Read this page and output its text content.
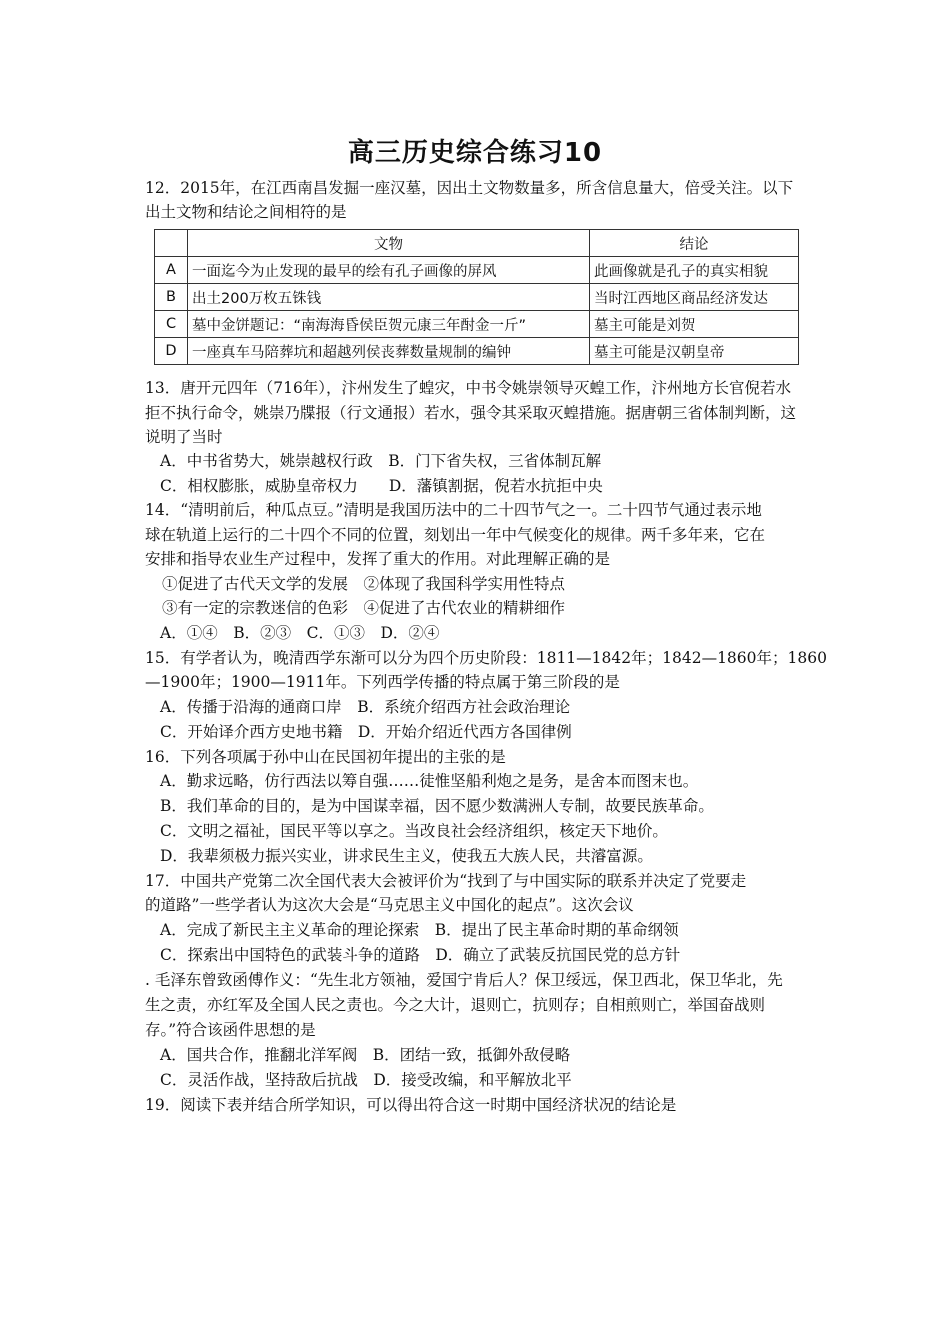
高三历史综合练习10
12．2015年，在江西南昌发掘一座汉墓，因出土文物数量多，所含信息量大，倍受关注。以下
出土文物和结论之间相符的是
	文物	结论
A	一面迄今为止发现的最早的绘有孔子画像的屏风	此画像就是孔子的真实相貌
B	出土200万枚五铢钱	当时江西地区商品经济发达
C	墓中金饼题记：“南海海昏侯臣贺元康三年酎金一斤”	墓主可能是刘贺
D	一座真车马陪葬坑和超越列侯丧葬数量规制的编钟	墓主可能是汉朝皇帝
13．唐开元四年（716年），汴州发生了蝗灾，中书令姚崇领导灭蝗工作，汴州地方长官倪若水
拒不执行命令，姚崇乃牒报（行文通报）若水，强令其采取灭蝗措施。据唐朝三省体制判断，这
说明了当时
A．中书省势大，姚崇越权行政　B．门下省失权，三省体制瓦解
C．相权膨胀，威胁皇帝权力　　D．藩镇割据，倪若水抗拒中央
14．“清明前后，种瓜点豆。”清明是我国历法中的二十四节气之一。二十四节气通过表示地
球在轨道上运行的二十四个不同的位置，刻划出一年中气候变化的规律。两千多年来，它在
安排和指导农业生产过程中，发挥了重大的作用。对此理解正确的是
①促进了古代天文学的发展　②体现了我国科学实用性特点
③有一定的宗教迷信的色彩　④促进了古代农业的精耕细作
A．①④　B．②③　C．①③　D．②④
15．有学者认为，晚清西学东渐可以分为四个历史阶段：1811—1842年；1842—1860年；1860
—1900年；1900—1911年。下列西学传播的特点属于第三阶段的是
A．传播于沿海的通商口岸　B．系统介绍西方社会政治理论
C．开始译介西方史地书籍　D．开始介绍近代西方各国律例
16．下列各项属于孙中山在民国初年提出的主张的是
A．勤求远略，仿行西法以筹自强……徒惟坚船利炮之是务，是舍本而图末也。
B．我们革命的目的，是为中国谋幸福，因不愿少数满洲人专制，故要民族革命。
C．文明之福祉，国民平等以享之。当改良社会经济组织，核定天下地价。
D．我辈须极力振兴实业，讲求民生主义，使我五大族人民，共濬富源。
17．中国共产党第二次全国代表大会被评价为“找到了与中国实际的联系并决定了党要走
的道路”一些学者认为这次大会是“马克思主义中国化的起点”。这次会议
A．完成了新民主主义革命的理论探索　B．提出了民主革命时期的革命纲领
C．探索出中国特色的武装斗争的道路　D．确立了武装反抗国民党的总方针
. 毛泽东曾致函傅作义：“先生北方领袖，爱国宁肯后人？保卫绥远，保卫西北，保卫华北，先
生之责，亦红军及全国人民之责也。今之大计，退则亡，抗则存；自相煎则亡，举国奋战则
存。”符合该函件思想的是
A．国共合作，推翻北洋军阀　B．团结一致，抵御外敌侵略
C．灵活作战，坚持敌后抗战　D．接受改编，和平解放北平
19．阅读下表并结合所学知识，可以得出符合这一时期中国经济状况的结论是
